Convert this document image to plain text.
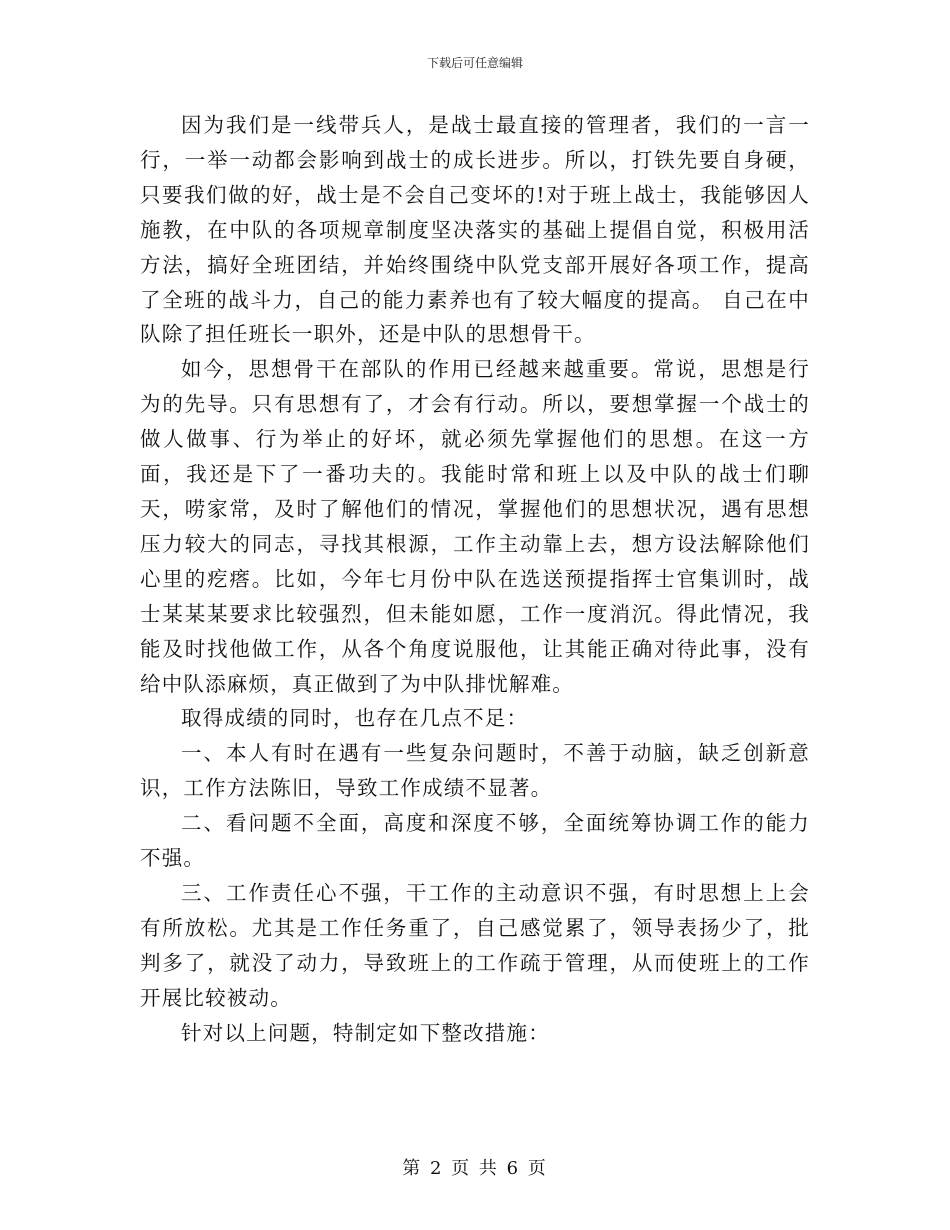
下载后可任意编辑

因为我们是一线带兵人，是战士最直接的管理者，我们的一言一行，一举一动都会影响到战士的成长进步。所以，打铁先要自身硬，只要我们做的好，战士是不会自己变坏的!对于班上战士，我能够因人施教，在中队的各项规章制度坚决落实的基础上提倡自觉，积极用活方法，搞好全班团结，并始终围绕中队党支部开展好各项工作，提高了全班的战斗力，自己的能力素养也有了较大幅度的提高。 自己在中队除了担任班长一职外，还是中队的思想骨干。

如今，思想骨干在部队的作用已经越来越重要。常说，思想是行为的先导。只有思想有了，才会有行动。所以，要想掌握一个战士的做人做事、行为举止的好坏，就必须先掌握他们的思想。在这一方面，我还是下了一番功夫的。我能时常和班上以及中队的战士们聊天，唠家常，及时了解他们的情况，掌握他们的思想状况，遇有思想压力较大的同志，寻找其根源，工作主动靠上去，想方设法解除他们心里的疙瘩。比如，今年七月份中队在选送预提指挥士官集训时，战士某某某要求比较强烈，但未能如愿，工作一度消沉。得此情况，我能及时找他做工作，从各个角度说服他，让其能正确对待此事，没有给中队添麻烦，真正做到了为中队排忧解难。

取得成绩的同时，也存在几点不足：

一、本人有时在遇有一些复杂问题时，不善于动脑，缺乏创新意识，工作方法陈旧，导致工作成绩不显著。

二、看问题不全面，高度和深度不够，全面统筹协调工作的能力不强。

三、工作责任心不强，干工作的主动意识不强，有时思想上上会有所放松。尤其是工作任务重了，自己感觉累了，领导表扬少了，批判多了，就没了动力，导致班上的工作疏于管理，从而使班上的工作开展比较被动。

针对以上问题，特制定如下整改措施：

第 2 页 共 6 页
